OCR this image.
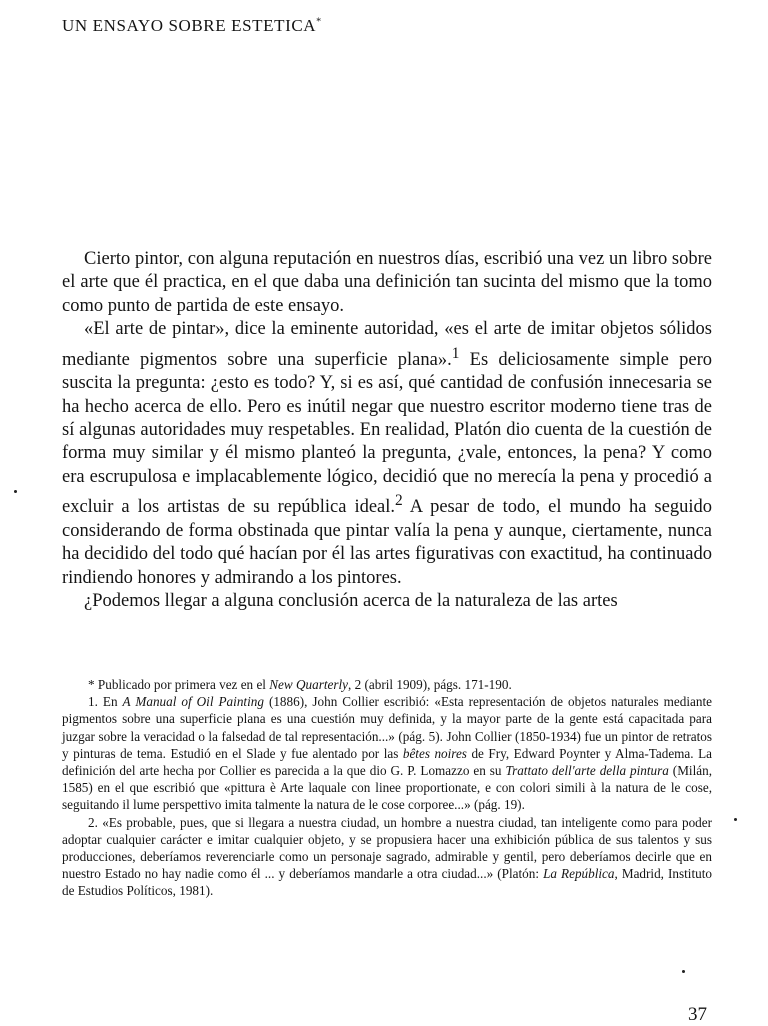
UN ENSAYO SOBRE ESTETICA*

Cierto pintor, con alguna reputación en nuestros días, escribió una vez un libro sobre el arte que él practica, en el que daba una definición tan sucinta del mismo que la tomo como punto de partida de este ensayo.

«El arte de pintar», dice la eminente autoridad, «es el arte de imitar objetos sólidos mediante pigmentos sobre una superficie plana».$^1$ Es deliciosamente simple pero suscita la pregunta: ¿esto es todo? Y, si es así, qué cantidad de confusión innecesaria se ha hecho acerca de ello. Pero es inútil negar que nuestro escritor moderno tiene tras de sí algunas autoridades muy respetables. En realidad, Platón dio cuenta de la cuestión de forma muy similar y él mismo planteó la pregunta, ¿vale, entonces, la pena? Y como era escrupulosa e implacablemente lógico, decidió que no merecía la pena y procedió a excluir a los artistas de su república ideal.$^2$ A pesar de todo, el mundo ha seguido considerando de forma obstinada que pintar valía la pena y aunque, ciertamente, nunca ha decidido del todo qué hacían por él las artes figurativas con exactitud, ha continuado rindiendo honores y admirando a los pintores.

¿Podemos llegar a alguna conclusión acerca de la naturaleza de las artes

* Publicado por primera vez en el New Quarterly, 2 (abril 1909), págs. 171-190.

1. En A Manual of Oil Painting (1886), John Collier escribió: «Esta representación de objetos naturales mediante pigmentos sobre una superficie plana es una cuestión muy definida, y la mayor parte de la gente está capacitada para juzgar sobre la veracidad o la falsedad de tal representación...» (pág. 5). John Collier (1850-1934) fue un pintor de retratos y pinturas de tema. Estudió en el Slade y fue alentado por las bêtes noires de Fry, Edward Poynter y Alma-Tadema. La definición del arte hecha por Collier es parecida a la que dio G. P. Lomazzo en su Trattato dell'arte della pintura (Milán, 1585) en el que escribió que «pittura è Arte laquale con linee proportionate, e con colori simili à la natura de le cose, seguitando il lume perspettivo imita talmente la natura de le cose corporee...» (pág. 19).

2. «Es probable, pues, que si llegara a nuestra ciudad, un hombre a nuestra ciudad, tan inteligente como para poder adoptar cualquier carácter e imitar cualquier objeto, y se propusiera hacer una exhibición pública de sus talentos y sus producciones, deberíamos reverenciarle como un personaje sagrado, admirable y gentil, pero deberíamos decirle que en nuestro Estado no hay nadie como él ... y deberíamos mandarle a otra ciudad...» (Platón: La República, Madrid, Instituto de Estudios Políticos, 1981).

37
